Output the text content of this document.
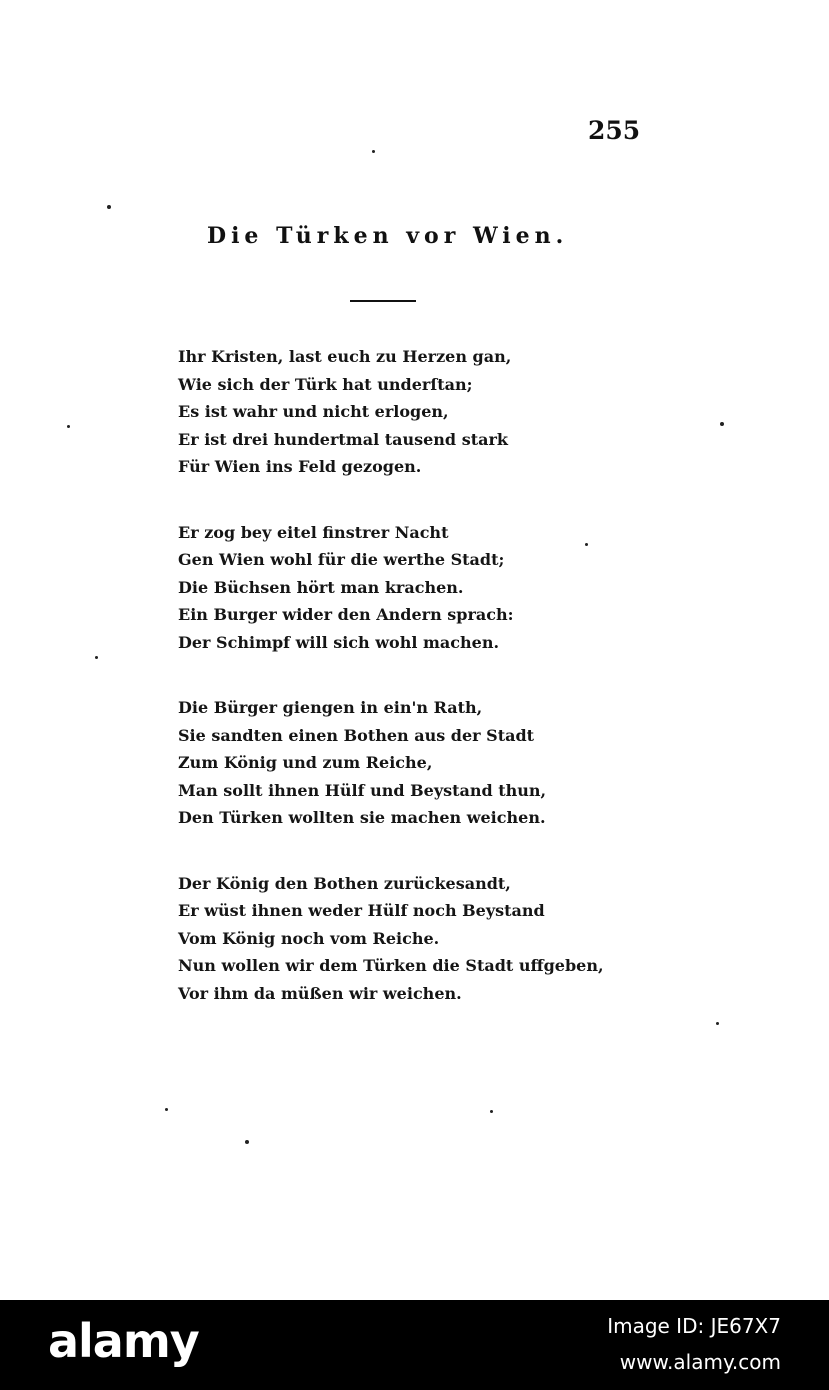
255
Die Türken vor Wien.
Ihr Kristen, last euch zu Herzen gan,
Wie sich der Türk hat underſtan;
Es ist wahr und nicht erlogen,
Er ist drei hundertmal tausend stark
Für Wien ins Feld gezogen.
Er zog bey eitel finstrer Nacht
Gen Wien wohl für die werthe Stadt;
Die Büchsen hört man krachen.
Ein Burger wider den Andern sprach:
Der Schimpf will sich wohl machen.
Die Bürger giengen in ein'n Rath,
Sie sandten einen Bothen aus der Stadt
Zum König und zum Reiche,
Man sollt ihnen Hülf und Beystand thun,
Den Türken wollten sie machen weichen.
Der König den Bothen zurückesandt,
Er wüst ihnen weder Hülf noch Beystand
Vom König noch vom Reiche.
Nun wollen wir dem Türken die Stadt uffgeben,
Vor ihm da müßen wir weichen.
alamy	Image ID: JE67X7
www.alamy.com
